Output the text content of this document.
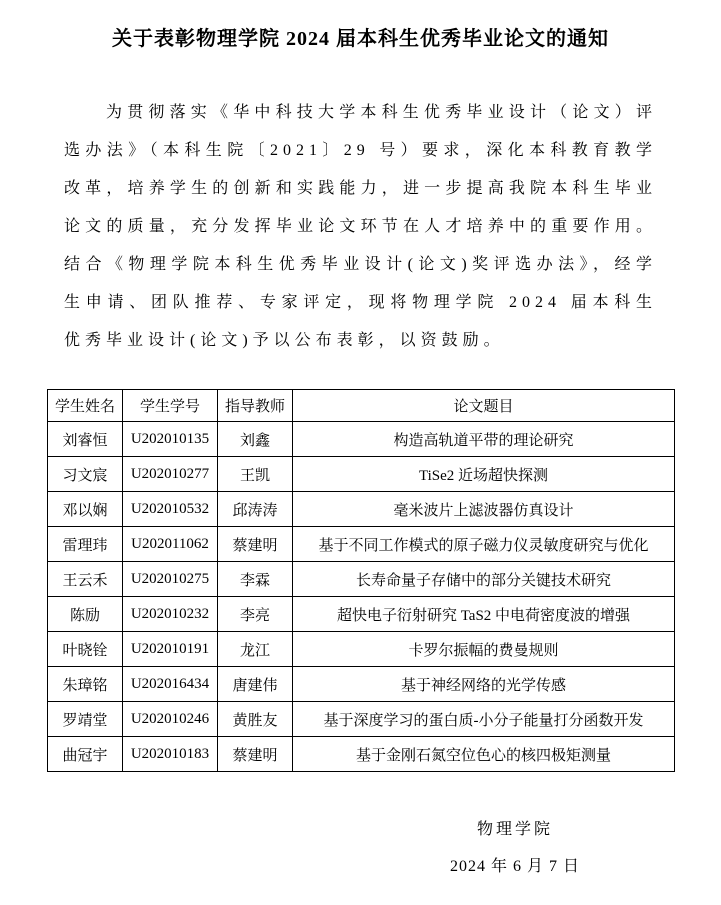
关于表彰物理学院 2024 届本科生优秀毕业论文的通知

为贯彻落实《华中科技大学本科生优秀毕业设计（论文）评选办法》（本科生院〔2021〕29 号）要求，深化本科教育教学改革，培养学生的创新和实践能力，进一步提高我院本科生毕业论文的质量，充分发挥毕业论文环节在人才培养中的重要作用。结合《物理学院本科生优秀毕业设计(论文)奖评选办法》，经学生申请、团队推荐、专家评定，现将物理学院 2024 届本科生优秀毕业设计(论文)予以公布表彰，以资鼓励。

学生姓名	学生学号	指导教师	论文题目
刘睿恒	U202010135	刘鑫	构造高轨道平带的理论研究
习文宸	U202010277	王凯	TiSe2 近场超快探测
邓以娴	U202010532	邱涛涛	毫米波片上滤波器仿真设计
雷理玮	U202011062	蔡建明	基于不同工作模式的原子磁力仪灵敏度研究与优化
王云禾	U202010275	李霖	长寿命量子存储中的部分关键技术研究
陈励	U202010232	李亮	超快电子衍射研究 TaS2 中电荷密度波的增强
叶晓铨	U202010191	龙江	卡罗尔振幅的费曼规则
朱璋铭	U202016434	唐建伟	基于神经网络的光学传感
罗靖堂	U202010246	黄胜友	基于深度学习的蛋白质-小分子能量打分函数开发
曲冠宇	U202010183	蔡建明	基于金刚石氮空位色心的核四极矩测量
物理学院
2024 年 6 月 7 日
